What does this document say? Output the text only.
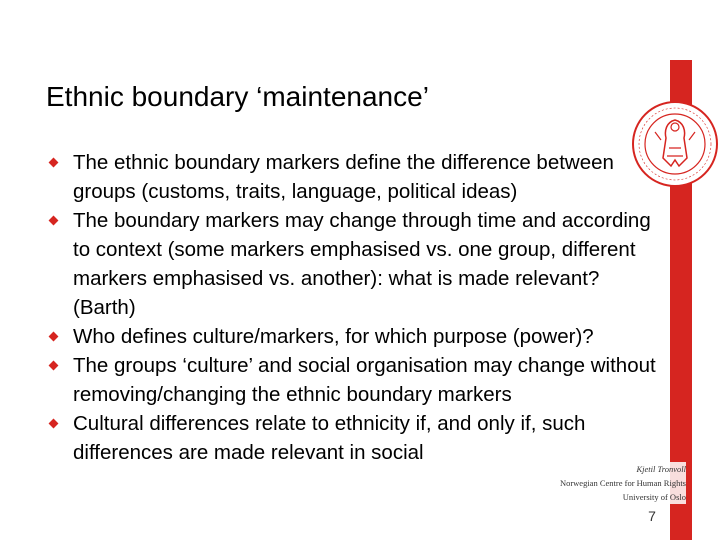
Ethnic boundary ‘maintenance’
The ethnic boundary markers define the difference between groups (customs, traits, language, political ideas)
The boundary markers may change through time and according to context (some markers emphasised vs. one group, different markers emphasised vs. another): what is made relevant? (Barth)
Who defines culture/markers, for which purpose (power)?
The groups ‘culture’ and social organisation may change without removing/changing the ethnic boundary markers
Cultural differences relate to ethnicity if, and only if, such differences are made relevant in social
Kjetil Tronvoll
Norwegian Centre for Human Rights
University of Oslo
7
